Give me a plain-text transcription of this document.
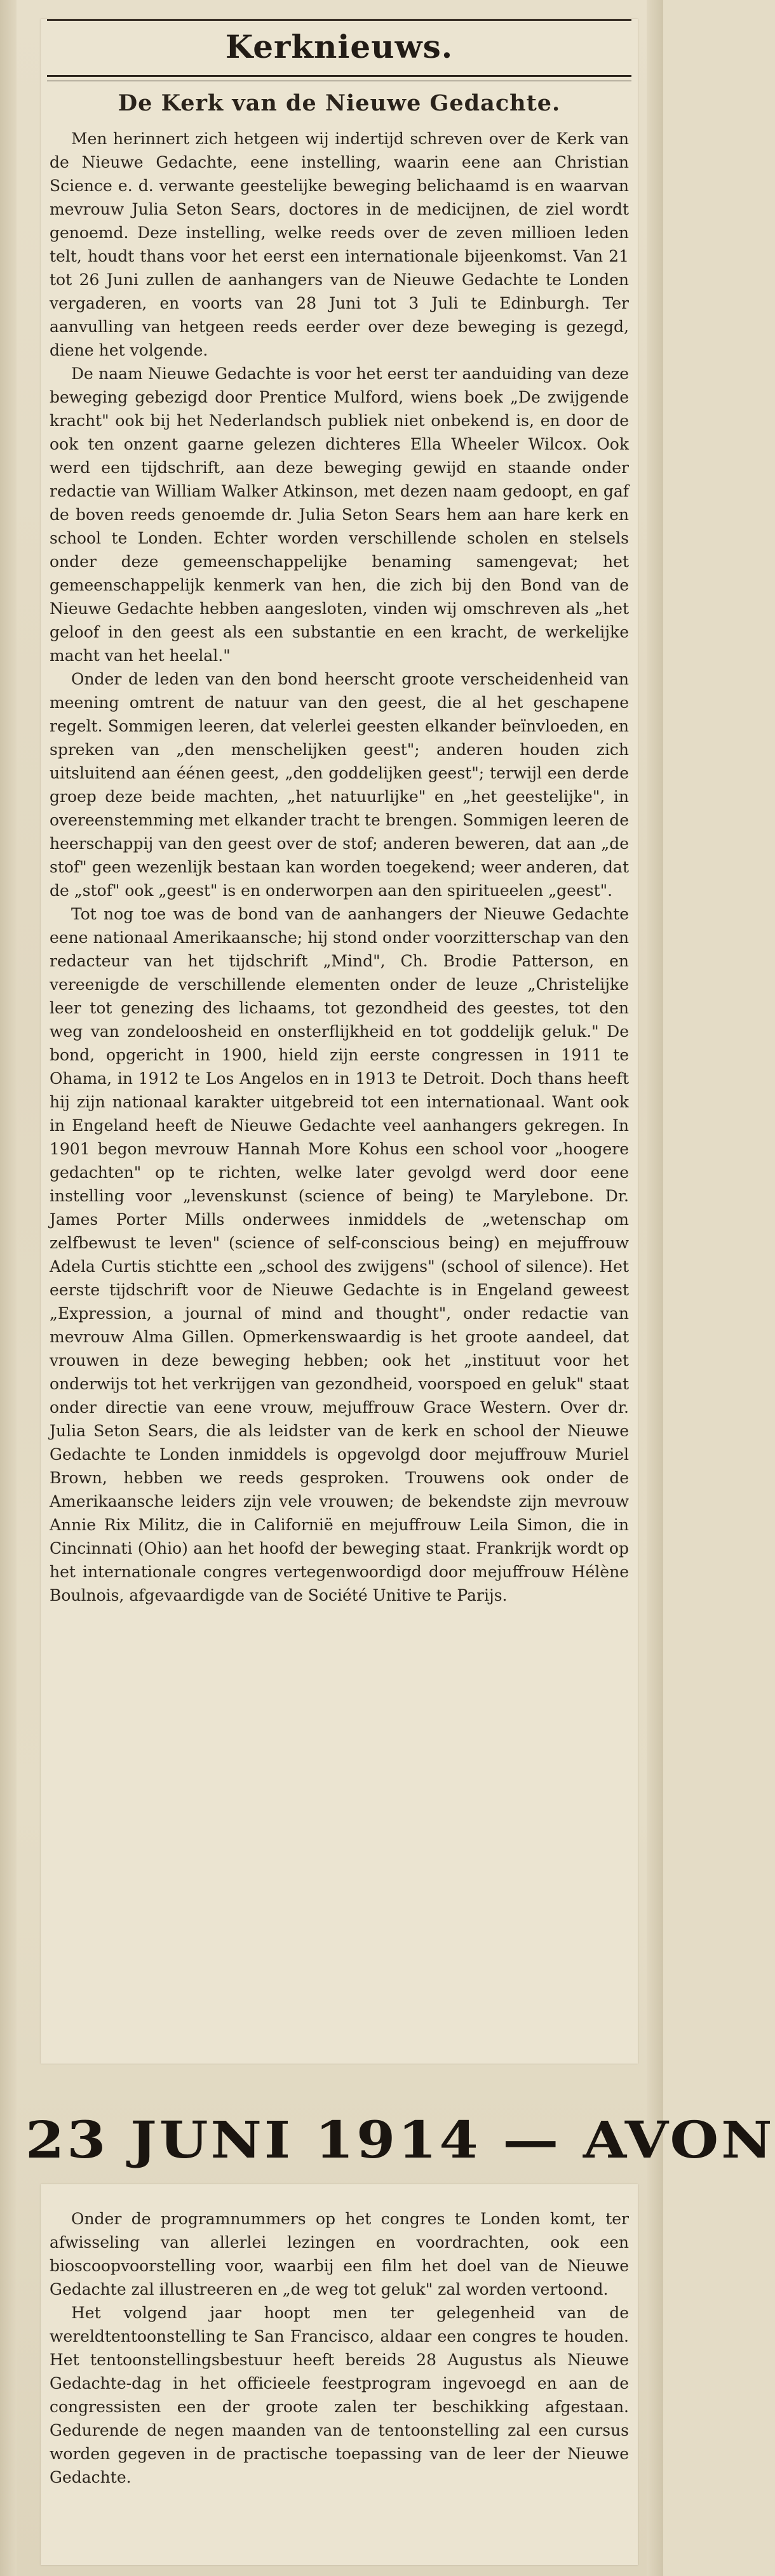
Kerknieuws.
De Kerk van de Nieuwe Gedachte.

Men herinnert zich hetgeen wij indertijd schreven over de Kerk van de Nieuwe Gedachte, eene instelling, waarin eene aan Christian Science e. d. verwante geestelijke beweging belichaamd is en waarvan mevrouw Julia Seton Sears, doctores in de medicijnen, de ziel wordt genoemd. Deze instelling, welke reeds over de zeven millioen leden telt, houdt thans voor het eerst een internationale bijeenkomst. Van 21 tot 26 Juni zullen de aanhangers van de Nieuwe Gedachte te Londen vergaderen, en voorts van 28 Juni tot 3 Juli te Edinburgh. Ter aanvulling van hetgeen reeds eerder over deze beweging is gezegd, diene het volgende.

De naam Nieuwe Gedachte is voor het eerst ter aanduiding van deze beweging gebezigd door Prentice Mulford, wiens boek „De zwijgende kracht" ook bij het Nederlandsch publiek niet onbekend is, en door de ook ten onzent gaarne gelezen dichteres Ella Wheeler Wilcox. Ook werd een tijdschrift, aan deze beweging gewijd en staande onder redactie van William Walker Atkinson, met dezen naam gedoopt, en gaf de boven reeds genoemde dr. Julia Seton Sears hem aan hare kerk en school te Londen. Echter worden verschillende scholen en stelsels onder deze gemeenschappelijke benaming samengevat; het gemeenschappelijk kenmerk van hen, die zich bij den Bond van de Nieuwe Gedachte hebben aangesloten, vinden wij omschreven als „het geloof in den geest als een substantie en een kracht, de werkelijke macht van het heelal."

Onder de leden van den bond heerscht groote verscheidenheid van meening omtrent de natuur van den geest, die al het geschapene regelt. Sommigen leeren, dat velerlei geesten elkander beïnvloeden, en spreken van „den menschelijken geest"; anderen houden zich uitsluitend aan éénen geest, „den goddelijken geest"; terwijl een derde groep deze beide machten, „het natuurlijke" en „het geestelijke", in overeenstemming met elkander tracht te brengen. Sommigen leeren de heerschappij van den geest over de stof; anderen beweren, dat aan „de stof" geen wezenlijk bestaan kan worden toegekend; weer anderen, dat de „stof" ook „geest" is en onderworpen aan den spiritueelen „geest".

Tot nog toe was de bond van de aanhangers der Nieuwe Gedachte eene nationaal Amerikaansche; hij stond onder voorzitterschap van den redacteur van het tijdschrift „Mind", Ch. Brodie Patterson, en vereenigde de verschillende elementen onder de leuze „Christelijke leer tot genezing des lichaams, tot gezondheid des geestes, tot den weg van zondeloosheid en onsterflijkheid en tot goddelijk geluk." De bond, opgericht in 1900, hield zijn eerste congressen in 1911 te Ohama, in 1912 te Los Angelos en in 1913 te Detroit. Doch thans heeft hij zijn nationaal karakter uitgebreid tot een internationaal. Want ook in Engeland heeft de Nieuwe Gedachte veel aanhangers gekregen. In 1901 begon mevrouw Hannah More Kohus een school voor „hoogere gedachten" op te richten, welke later gevolgd werd door eene instelling voor „levenskunst (science of being) te Marylebone. Dr. James Porter Mills onderwees inmiddels de „wetenschap om zelfbewust te leven" (science of self-conscious being) en mejuffrouw Adela Curtis stichtte een „school des zwijgens" (school of silence). Het eerste tijdschrift voor de Nieuwe Gedachte is in Engeland geweest „Expression, a journal of mind and thought", onder redactie van mevrouw Alma Gillen. Opmerkenswaardig is het groote aandeel, dat vrouwen in deze beweging hebben; ook het „instituut voor het onderwijs tot het verkrijgen van gezondheid, voorspoed en geluk" staat onder directie van eene vrouw, mejuffrouw Grace Western. Over dr. Julia Seton Sears, die als leidster van de kerk en school der Nieuwe Gedachte te Londen inmiddels is opgevolgd door mejuffrouw Muriel Brown, hebben we reeds gesproken. Trouwens ook onder de Amerikaansche leiders zijn vele vrouwen; de bekendste zijn mevrouw Annie Rix Militz, die in Californië en mejuffrouw Leila Simon, die in Cincinnati (Ohio) aan het hoofd der beweging staat. Frankrijk wordt op het internationale congres vertegenwoordigd door mejuffrouw Hélène Boulnois, afgevaardigde van de Société Unitive te Parijs.

23 JUNI 1914 — AVON

Onder de programnummers op het congres te Londen komt, ter afwisseling van allerlei lezingen en voordrachten, ook een bioscoopvoorstelling voor, waarbij een film het doel van de Nieuwe Gedachte zal illustreeren en „de weg tot geluk" zal worden vertoond.

Het volgend jaar hoopt men ter gelegenheid van de wereldtentoonstelling te San Francisco, aldaar een congres te houden. Het tentoonstellingsbestuur heeft bereids 28 Augustus als Nieuwe Gedachte-dag in het officieele feestprogram ingevoegd en aan de congressisten een der groote zalen ter beschikking afgestaan. Gedurende de negen maanden van de tentoonstelling zal een cursus worden gegeven in de practische toepassing van de leer der Nieuwe Gedachte.
